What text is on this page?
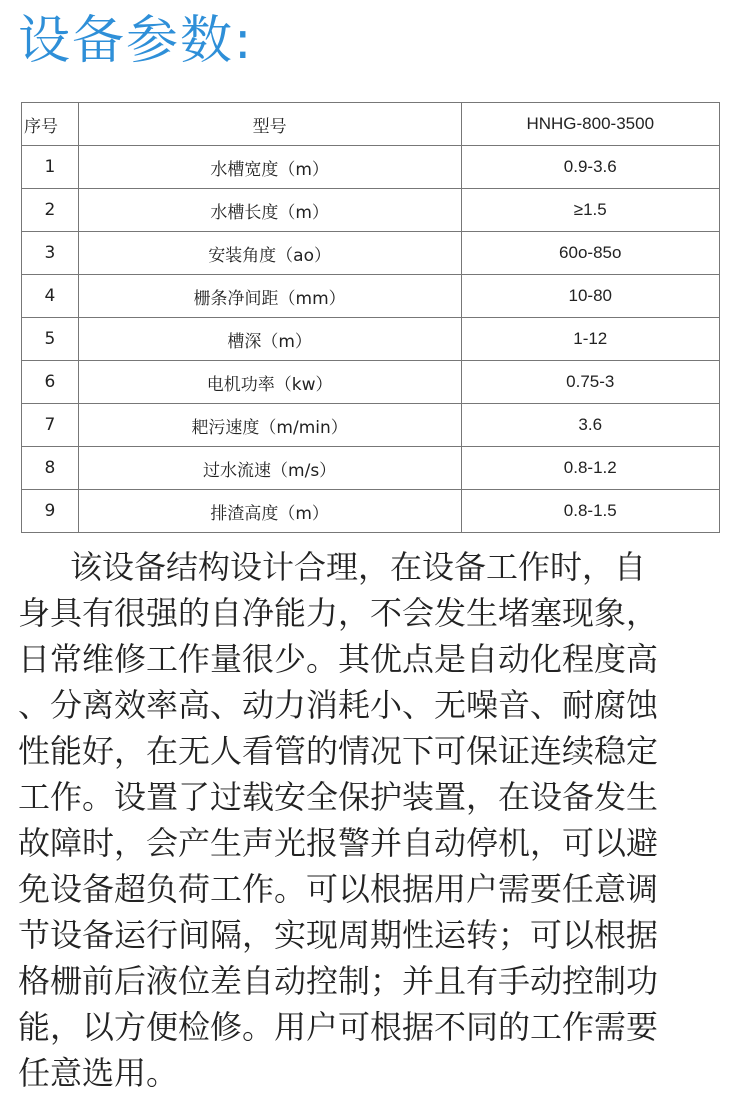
设备参数:
序号	型号	HNHG-800-3500
1	水槽宽度（m）	0.9-3.6
2	水槽长度（m）	≥1.5
3	安装角度（ao）	60o-85o
4	栅条净间距（mm）	10-80
5	槽深（m）	1-12
6	电机功率（kw）	0.75-3
7	耙污速度（m/min）	3.6
8	过水流速（m/s）	0.8-1.2
9	排渣高度（m）	0.8-1.5
该设备结构设计合理，在设备工作时，自
身具有很强的自净能力，不会发生堵塞现象，
日常维修工作量很少。其优点是自动化程度高
、分离效率高、动力消耗小、无噪音、耐腐蚀
性能好，在无人看管的情况下可保证连续稳定
工作。设置了过载安全保护装置，在设备发生
故障时，会产生声光报警并自动停机，可以避
免设备超负荷工作。可以根据用户需要任意调
节设备运行间隔，实现周期性运转；可以根据
格栅前后液位差自动控制；并且有手动控制功
能，以方便检修。用户可根据不同的工作需要
任意选用。
